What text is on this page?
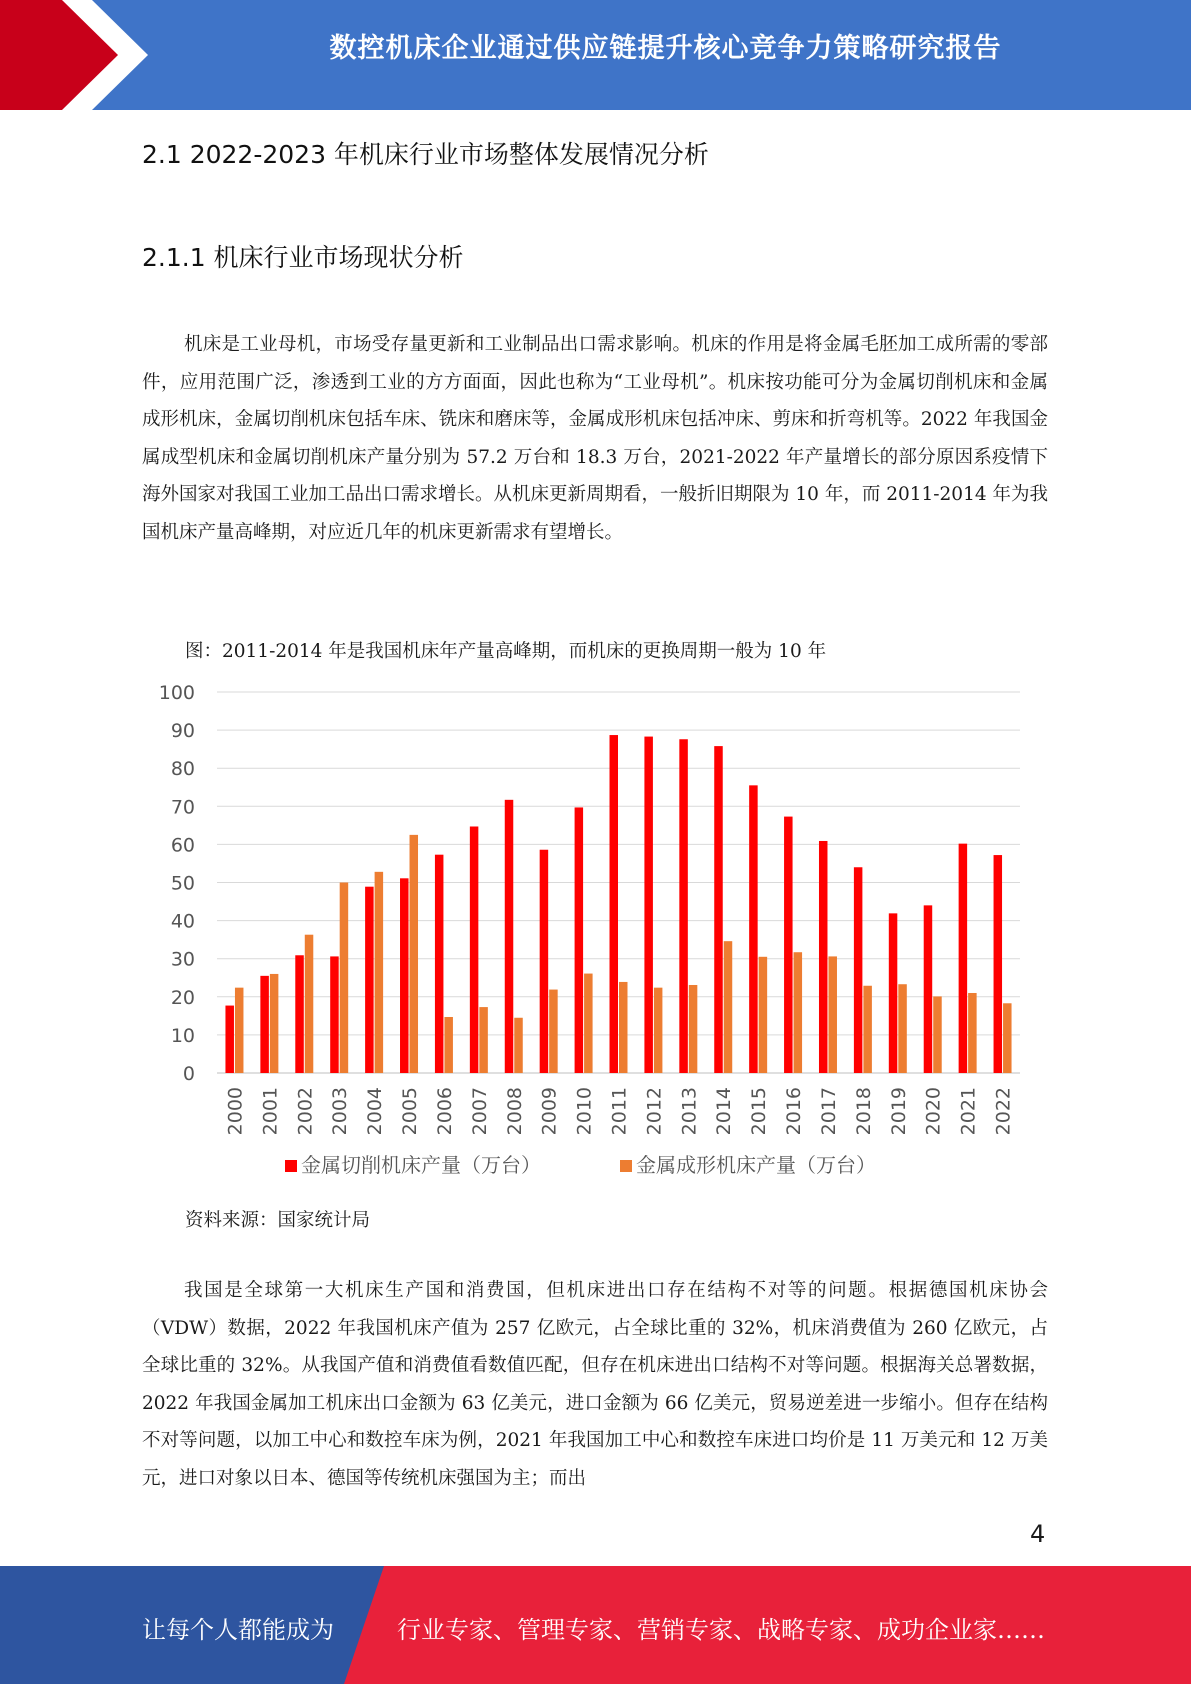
数控机床企业通过供应链提升核心竞争力策略研究报告
2.1 2022-2023 年机床行业市场整体发展情况分析
2.1.1 机床行业市场现状分析

机床是工业母机，市场受存量更新和工业制品出口需求影响。机床的作用是将金属毛胚加工成所需的零部件，应用范围广泛，渗透到工业的方方面面，因此也称为“工业母机”。机床按功能可分为金属切削机床和金属成形机床，金属切削机床包括车床、铣床和磨床等，金属成形机床包括冲床、剪床和折弯机等。2022 年我国金属成型机床和金属切削机床产量分别为 57.2 万台和 18.3 万台，2021-2022 年产量增长的部分原因系疫情下海外国家对我国工业加工品出口需求增长。从机床更新周期看，一般折旧期限为 10 年，而 2011-2014 年为我国机床产量高峰期，对应近几年的机床更新需求有望增长。

图：2011-2014 年是我国机床年产量高峰期，而机床的更换周期一般为 10 年
0
10
20
30
40
50
60
70
80
90
100
2000 2001 2002 2003 2004 2005 2006 2007 2008 2009 2010 2011 2012 2013 2014 2015 2016 2017 2018 2019 2020 2021 2022
金属切削机床产量（万台）	金属成形机床产量（万台）
资料来源：国家统计局

我国是全球第一大机床生产国和消费国，但机床进出口存在结构不对等的问题。根据德国机床协会（VDW）数据，2022 年我国机床产值为 257 亿欧元，占全球比重的 32%，机床消费值为 260 亿欧元，占全球比重的 32%。从我国产值和消费值看数值匹配，但存在机床进出口结构不对等问题。根据海关总署数据，2022 年我国金属加工机床出口金额为 63 亿美元，进口金额为 66 亿美元，贸易逆差进一步缩小。但存在结构不对等问题，以加工中心和数控车床为例，2021 年我国加工中心和数控车床进口均价是 11 万美元和 12 万美元，进口对象以日本、德国等传统机床强国为主；而出

4
让每个人都能成为	行业专家、管理专家、营销专家、战略专家、成功企业家……
